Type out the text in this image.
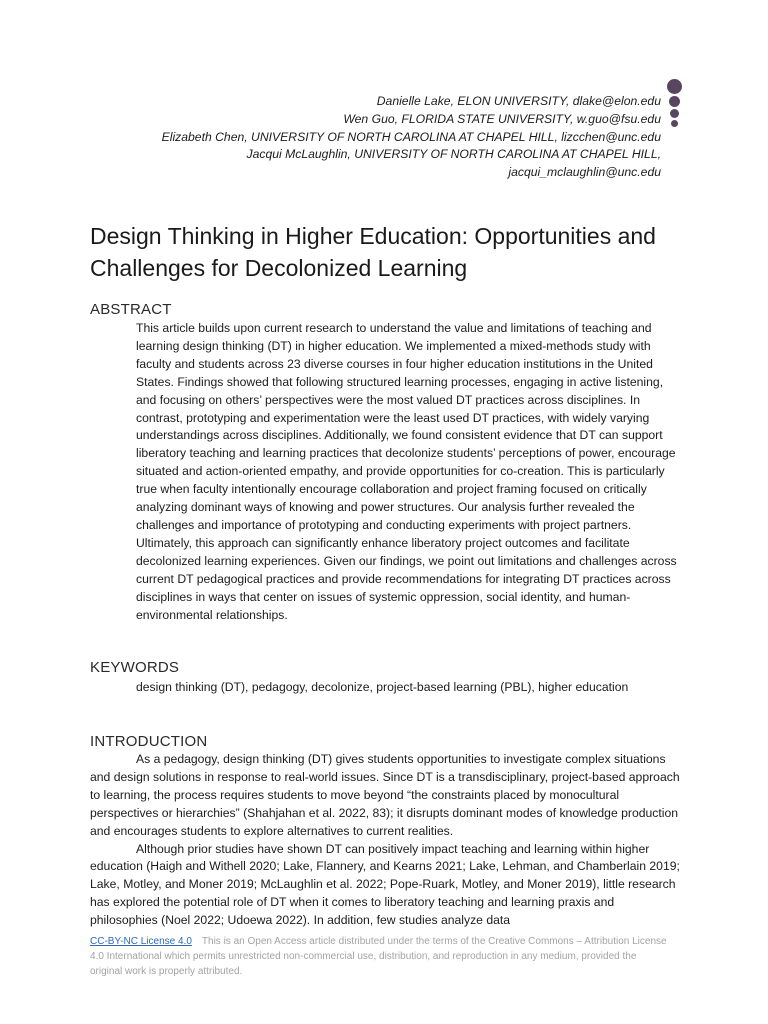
Danielle Lake, ELON UNIVERSITY, dlake@elon.edu
Wen Guo, FLORIDA STATE UNIVERSITY, w.guo@fsu.edu
Elizabeth Chen, UNIVERSITY OF NORTH CAROLINA AT CHAPEL HILL, lizcchen@unc.edu
Jacqui McLaughlin, UNIVERSITY OF NORTH CAROLINA AT CHAPEL HILL,
jacqui_mclaughlin@unc.edu
Design Thinking in Higher Education: Opportunities and
Challenges for Decolonized Learning
ABSTRACT

This article builds upon current research to understand the value and limitations of teaching and learning design thinking (DT) in higher education. We implemented a mixed-methods study with faculty and students across 23 diverse courses in four higher education institutions in the United States. Findings showed that following structured learning processes, engaging in active listening, and focusing on others’ perspectives were the most valued DT practices across disciplines. In contrast, prototyping and experimentation were the least used DT practices, with widely varying understandings across disciplines. Additionally, we found consistent evidence that DT can support liberatory teaching and learning practices that decolonize students’ perceptions of power, encourage situated and action-oriented empathy, and provide opportunities for co-creation. This is particularly true when faculty intentionally encourage collaboration and project framing focused on critically analyzing dominant ways of knowing and power structures. Our analysis further revealed the challenges and importance of prototyping and conducting experiments with project partners. Ultimately, this approach can significantly enhance liberatory project outcomes and facilitate decolonized learning experiences. Given our findings, we point out limitations and challenges across current DT pedagogical practices and provide recommendations for integrating DT practices across disciplines in ways that center on issues of systemic oppression, social identity, and human-environmental relationships.

KEYWORDS
design thinking (DT), pedagogy, decolonize, project-based learning (PBL), higher education
INTRODUCTION

As a pedagogy, design thinking (DT) gives students opportunities to investigate complex situations and design solutions in response to real-world issues. Since DT is a transdisciplinary, project-based approach to learning, the process requires students to move beyond “the constraints placed by monocultural perspectives or hierarchies” (Shahjahan et al. 2022, 83); it disrupts dominant modes of knowledge production and encourages students to explore alternatives to current realities.

Although prior studies have shown DT can positively impact teaching and learning within higher education (Haigh and Withell 2020; Lake, Flannery, and Kearns 2021; Lake, Lehman, and Chamberlain 2019; Lake, Motley, and Moner 2019; McLaughlin et al. 2022; Pope-Ruark, Motley, and Moner 2019), little research has explored the potential role of DT when it comes to liberatory teaching and learning praxis and philosophies (Noel 2022; Udoewa 2022). In addition, few studies analyze data

CC-BY-NC License 4.0 This is an Open Access article distributed under the terms of the Creative Commons – Attribution License 4.0 International which permits unrestricted non-commercial use, distribution, and reproduction in any medium, provided the original work is properly attributed.
